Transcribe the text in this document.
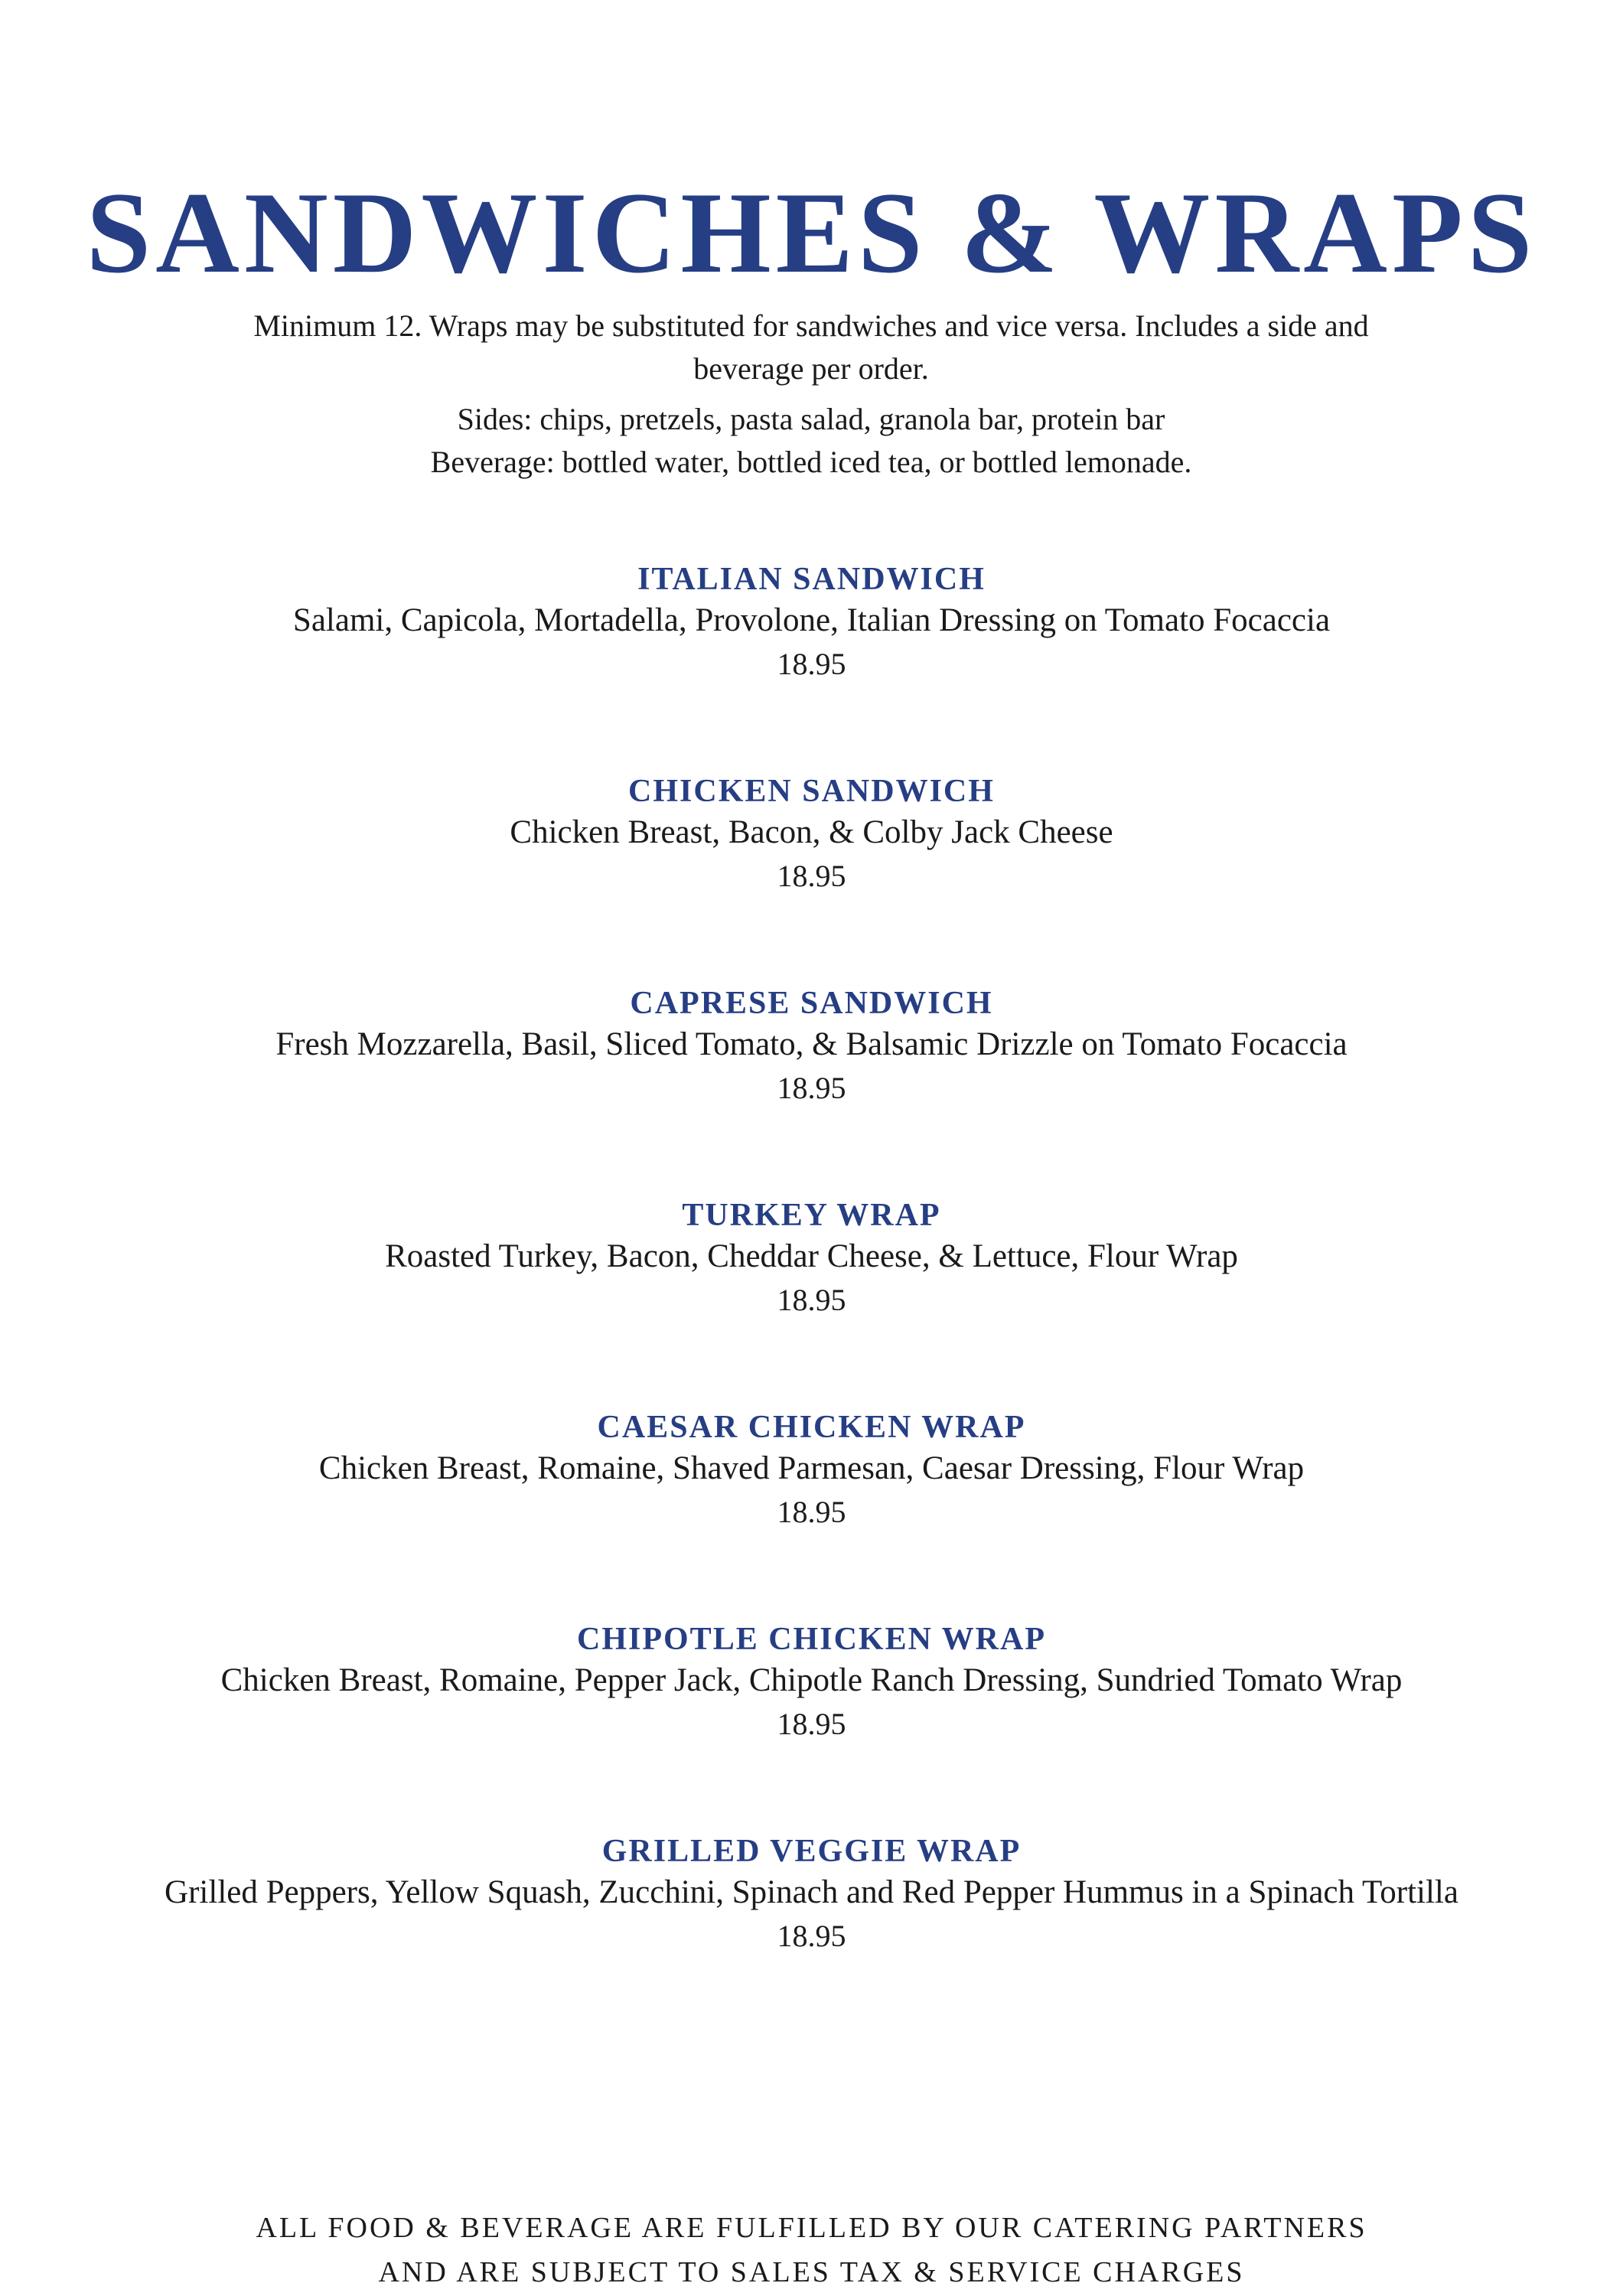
SANDWICHES & WRAPS

Minimum 12. Wraps may be substituted for sandwiches and vice versa. Includes a side and beverage per order.

Sides: chips, pretzels, pasta salad, granola bar, protein bar
Beverage: bottled water, bottled iced tea, or bottled lemonade.

ITALIAN SANDWICH

Salami, Capicola, Mortadella, Provolone, Italian Dressing on Tomato Focaccia

18.95

CHICKEN SANDWICH

Chicken Breast, Bacon, & Colby Jack Cheese

18.95

CAPRESE SANDWICH

Fresh Mozzarella, Basil, Sliced Tomato, & Balsamic Drizzle on Tomato Focaccia

18.95

TURKEY WRAP

Roasted Turkey, Bacon, Cheddar Cheese, & Lettuce, Flour Wrap

18.95

CAESAR CHICKEN WRAP

Chicken Breast, Romaine, Shaved Parmesan, Caesar Dressing, Flour Wrap

18.95

CHIPOTLE CHICKEN WRAP

Chicken Breast, Romaine, Pepper Jack, Chipotle Ranch Dressing, Sundried Tomato Wrap

18.95

GRILLED VEGGIE WRAP

Grilled Peppers, Yellow Squash, Zucchini, Spinach and Red Pepper Hummus in a Spinach Tortilla

18.95

ALL FOOD & BEVERAGE ARE FULFILLED BY OUR CATERING PARTNERS
AND ARE SUBJECT TO SALES TAX & SERVICE CHARGES
